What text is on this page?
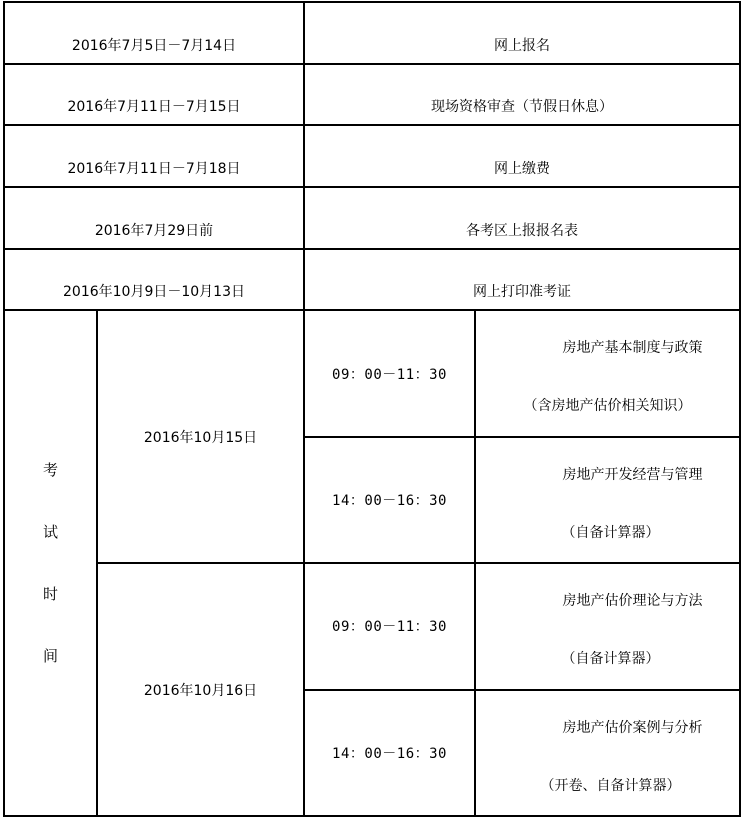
2016年7月5日－7月14日		网上报名	

2016年7月11日－7月15日		现场资格审查（节假日休息）	

2016年7月11日－7月18日		网上缴费	

2016年7月29日前		各考区上报报名表	

2016年10月9日－10月13日		网上打印准考证	

考
试
时
间	2016年10月15日	09：00－11：30	房地产基本制度与政策
（含房地产估价相关知识）

		14：00－16：30	房地产开发经营与管理
（自备计算器）

	2016年10月16日	09：00－11：30	房地产估价理论与方法
（自备计算器）

		14：00－16：30	房地产估价案例与分析
（开卷、自备计算器）
